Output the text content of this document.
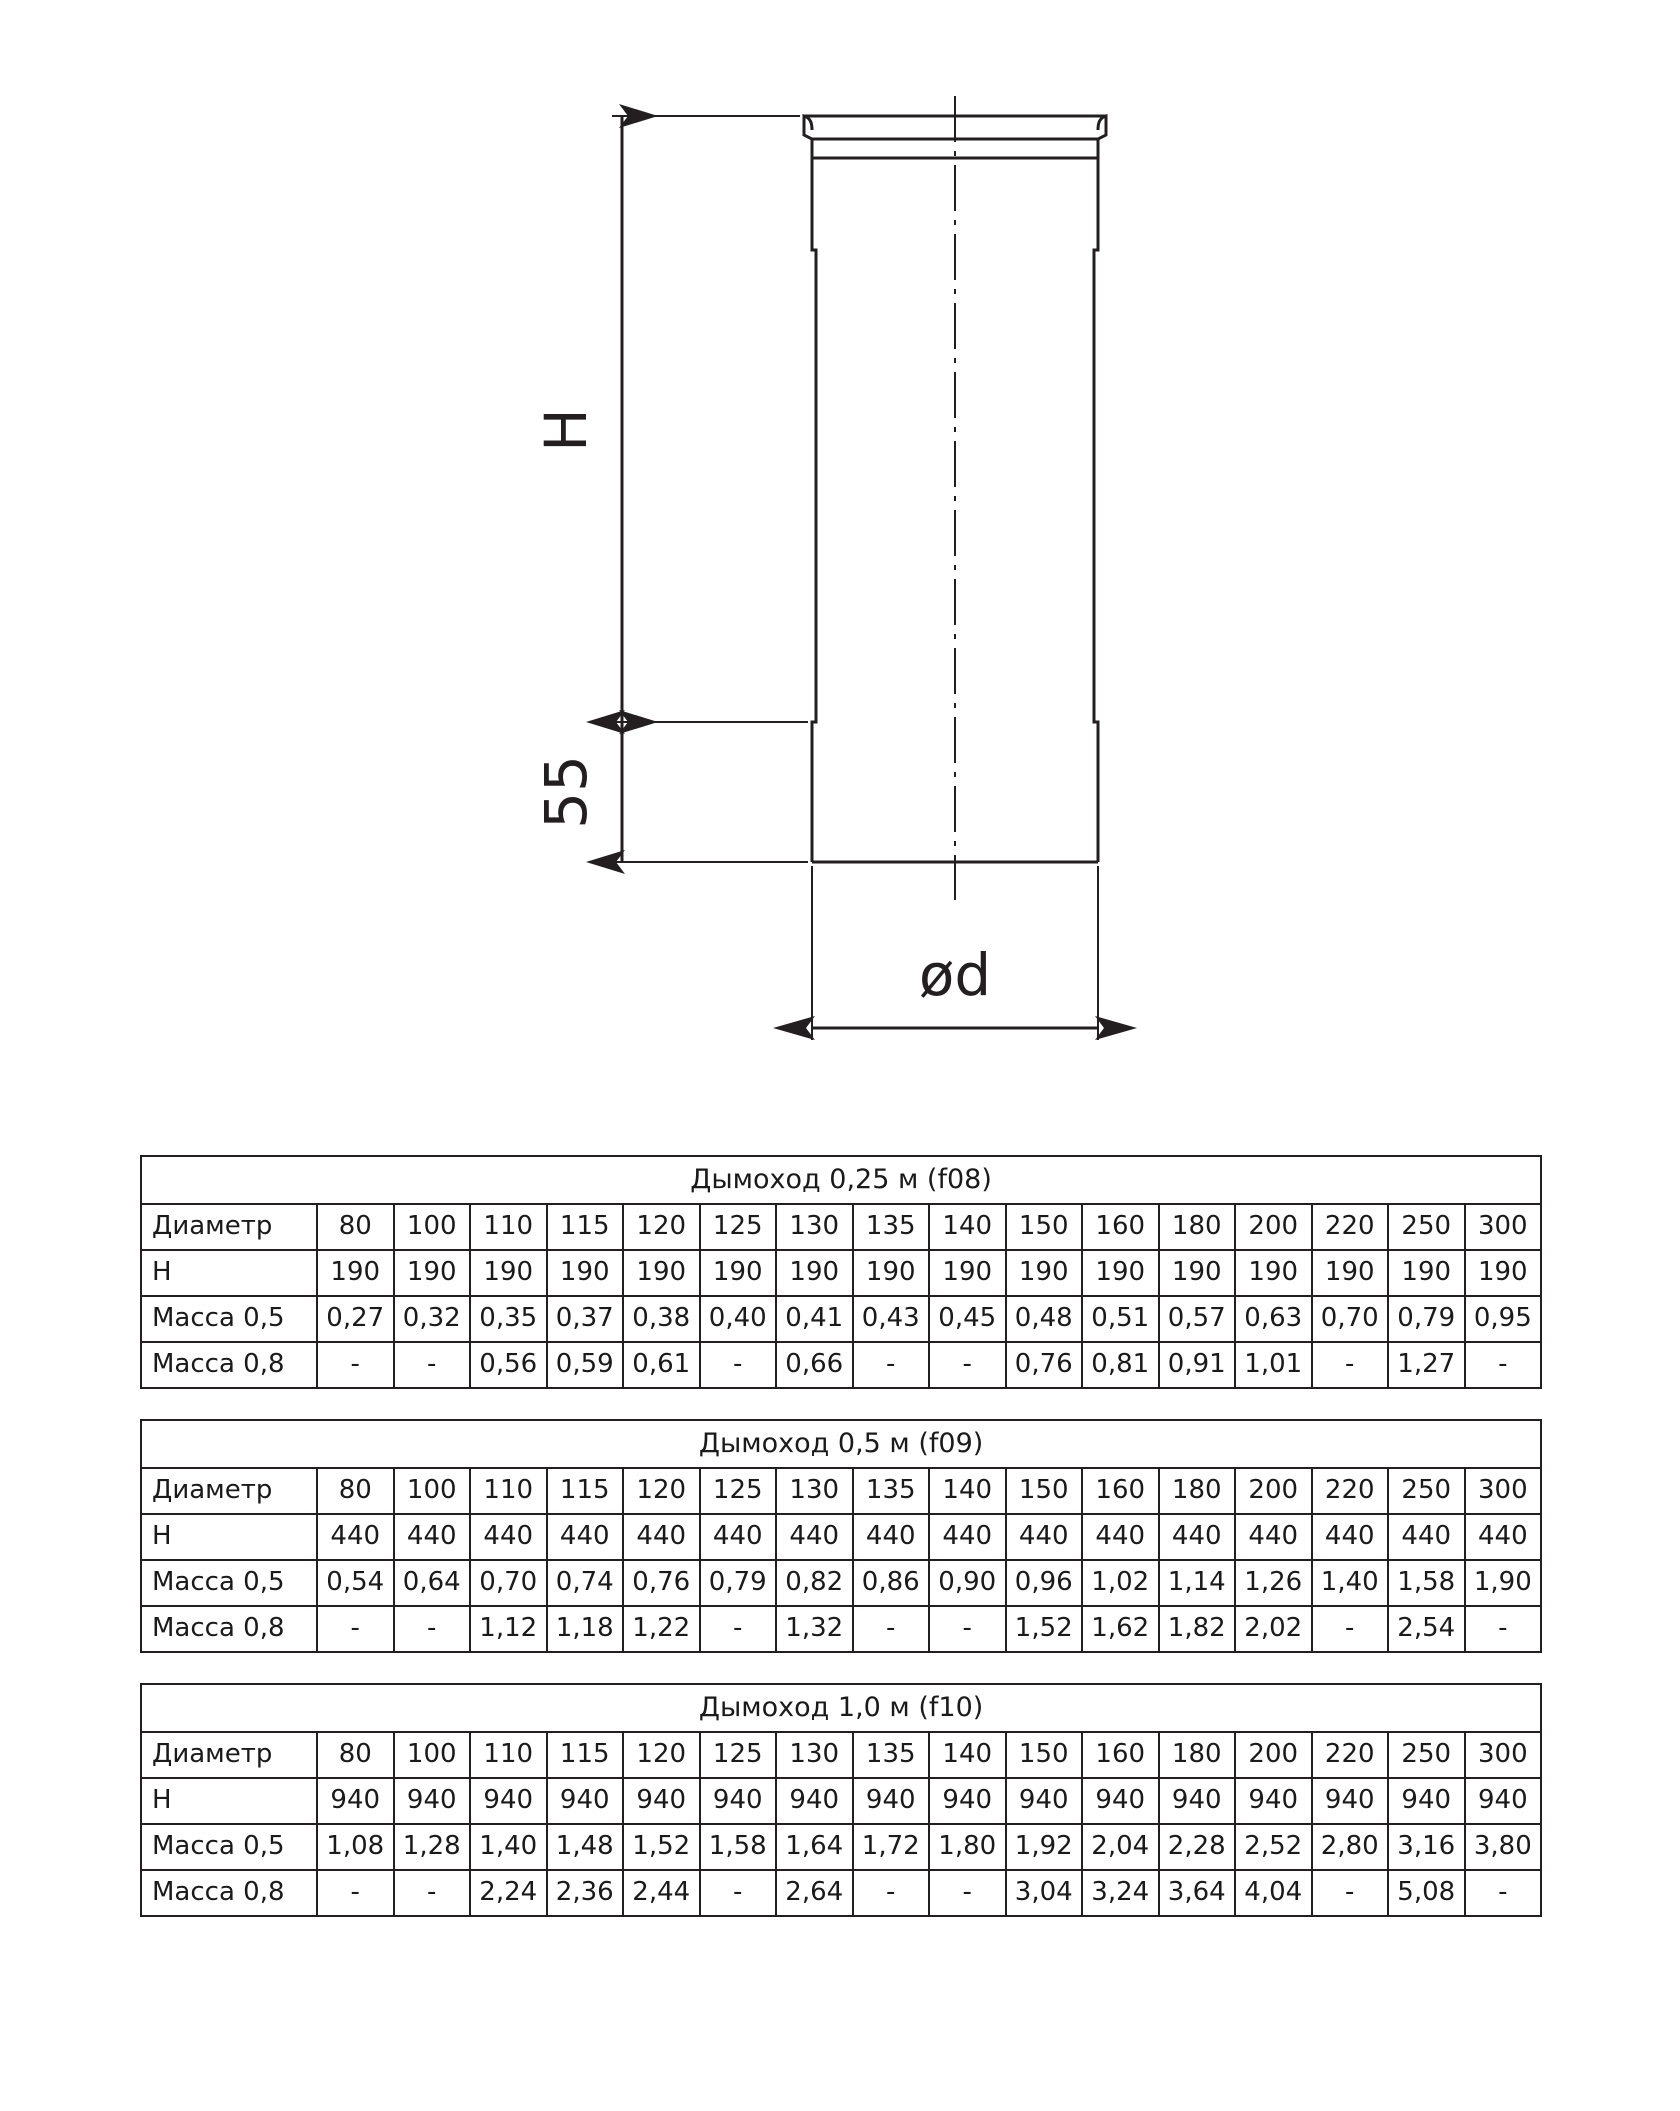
H
55
ød
Дымоход 0,25 м (f08)																
Диаметр	80	100	110	115	120	125	130	135	140	150	160	180	200	220	250	300
H	190	190	190	190	190	190	190	190	190	190	190	190	190	190	190	190
Масса 0,5	0,27	0,32	0,35	0,37	0,38	0,40	0,41	0,43	0,45	0,48	0,51	0,57	0,63	0,70	0,79	0,95
Масса 0,8	-	-	0,56	0,59	0,61	-	0,66	-	-	0,76	0,81	0,91	1,01	-	1,27	-
Дымоход 0,5 м (f09)																
Диаметр	80	100	110	115	120	125	130	135	140	150	160	180	200	220	250	300
H	440	440	440	440	440	440	440	440	440	440	440	440	440	440	440	440
Масса 0,5	0,54	0,64	0,70	0,74	0,76	0,79	0,82	0,86	0,90	0,96	1,02	1,14	1,26	1,40	1,58	1,90
Масса 0,8	-	-	1,12	1,18	1,22	-	1,32	-	-	1,52	1,62	1,82	2,02	-	2,54	-
Дымоход 1,0 м (f10)																
Диаметр	80	100	110	115	120	125	130	135	140	150	160	180	200	220	250	300
H	940	940	940	940	940	940	940	940	940	940	940	940	940	940	940	940
Масса 0,5	1,08	1,28	1,40	1,48	1,52	1,58	1,64	1,72	1,80	1,92	2,04	2,28	2,52	2,80	3,16	3,80
Масса 0,8	-	-	2,24	2,36	2,44	-	2,64	-	-	3,04	3,24	3,64	4,04	-	5,08	-
